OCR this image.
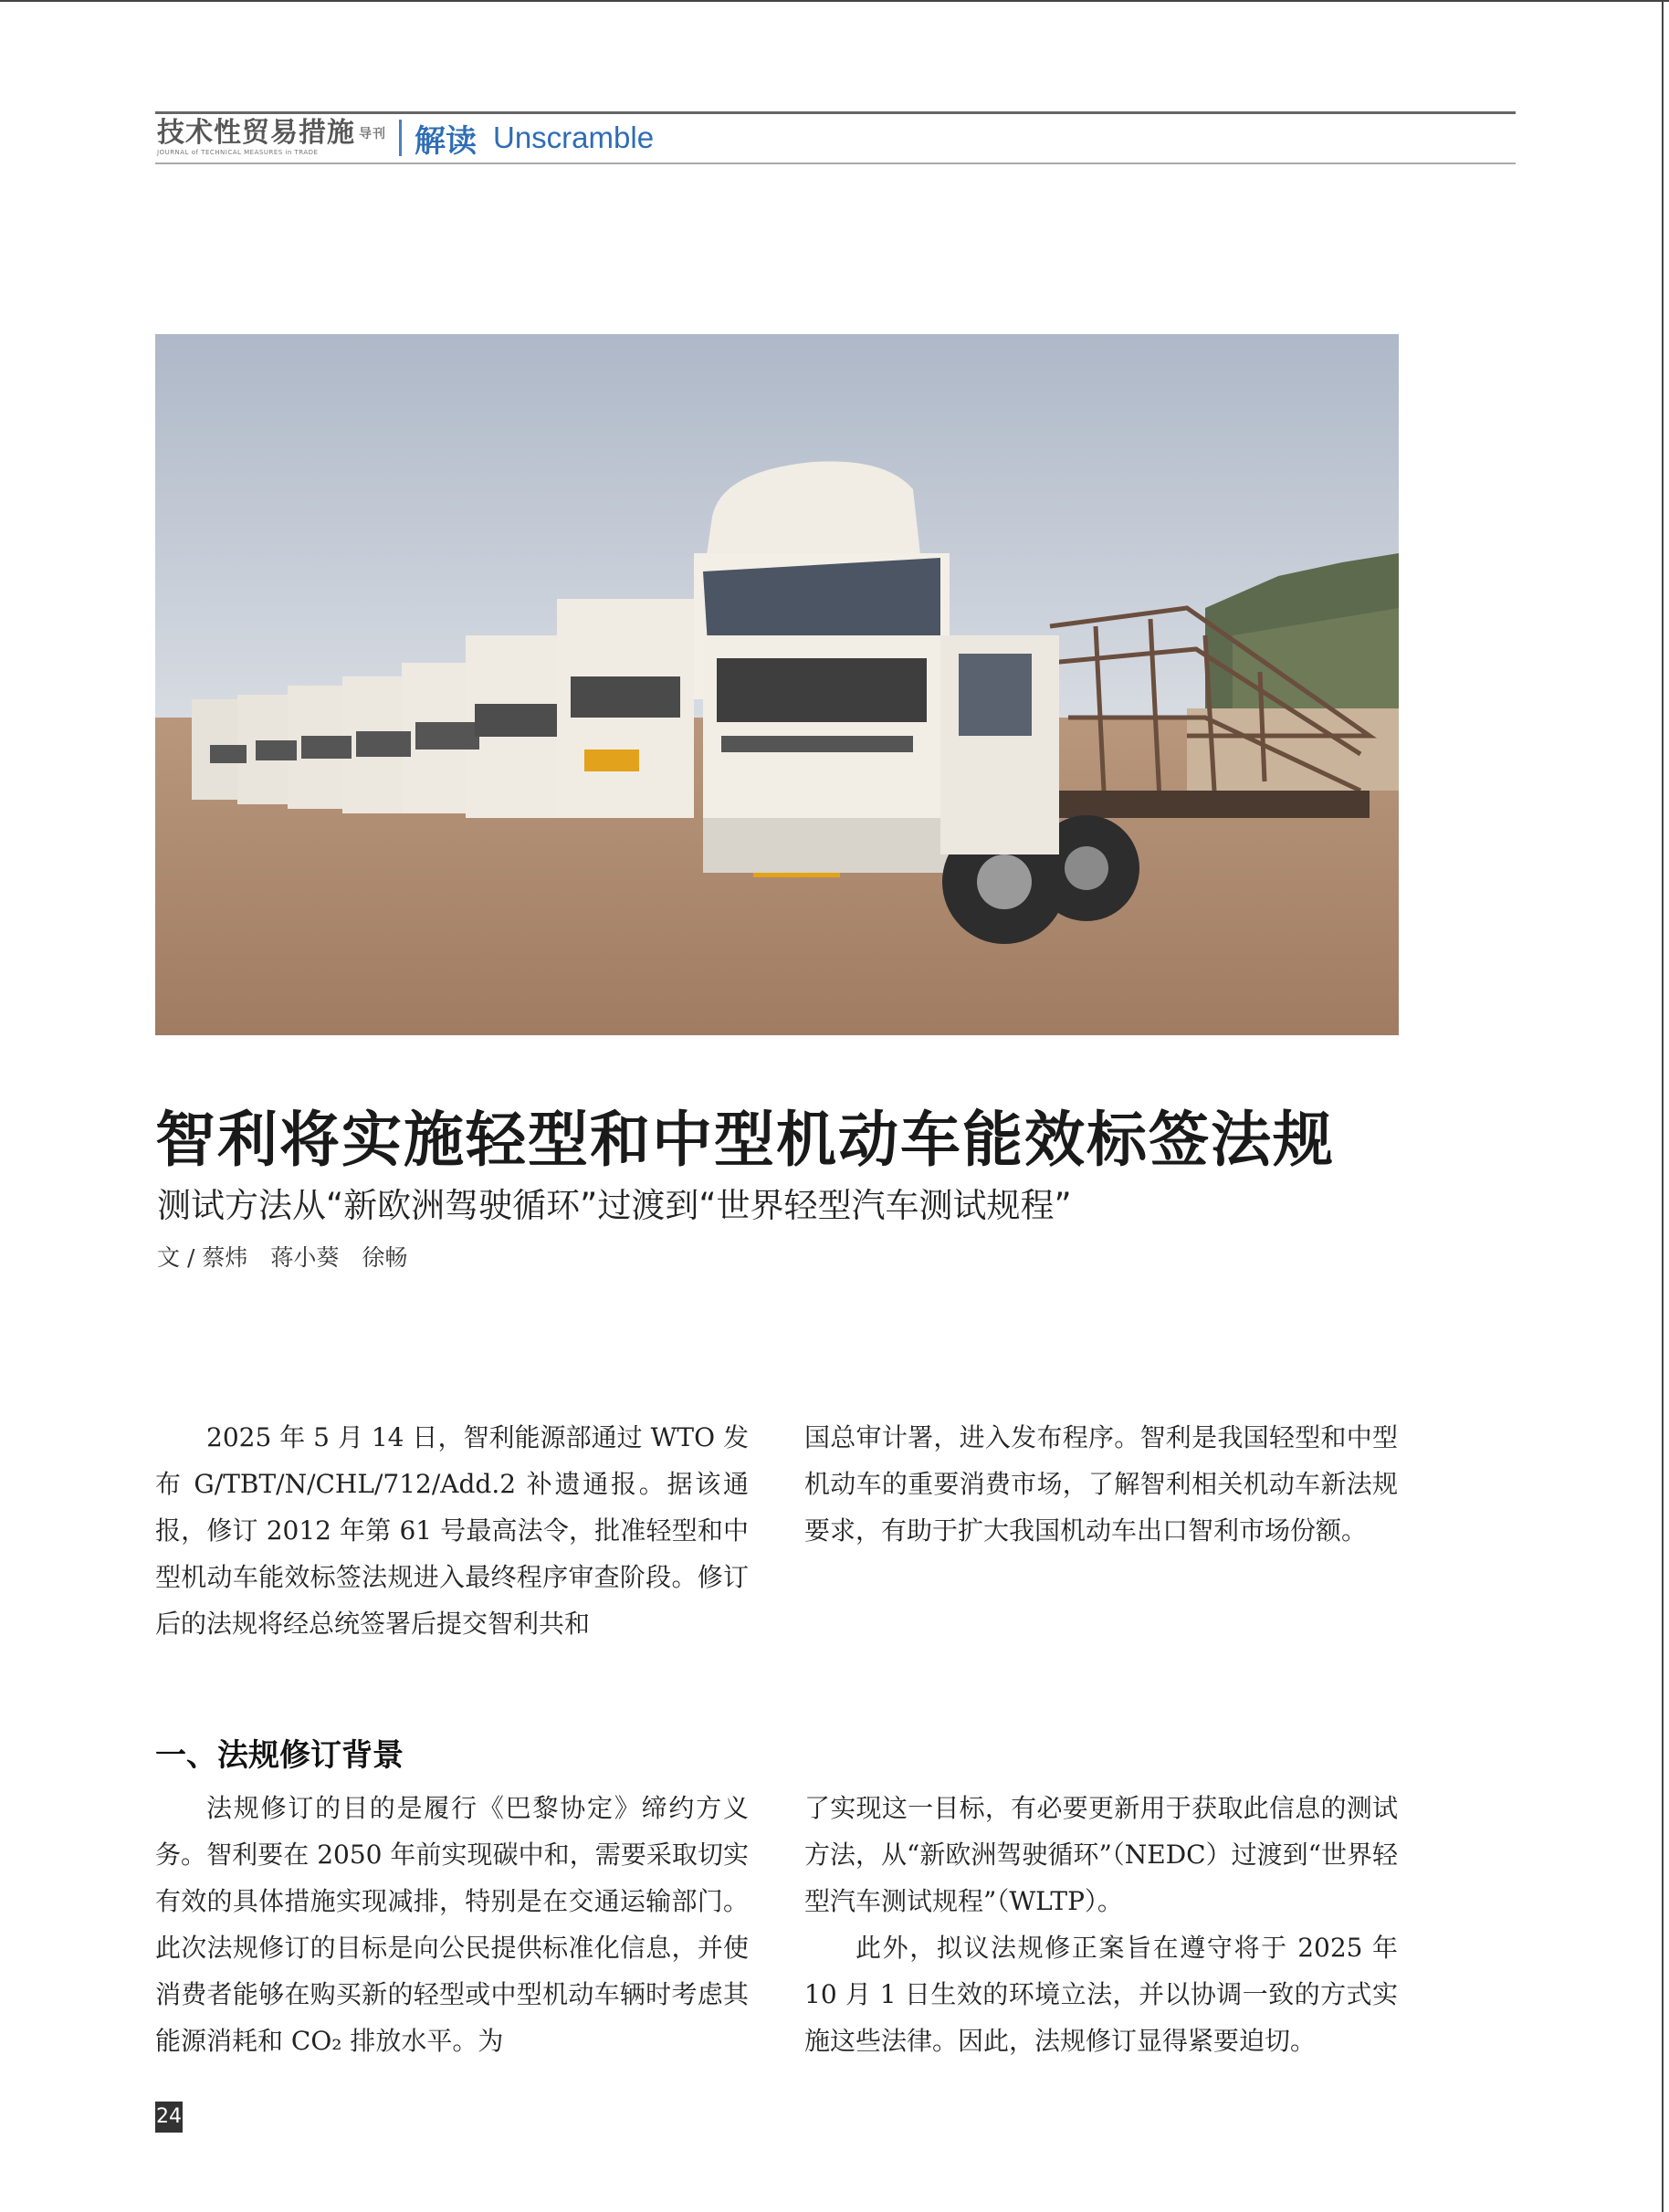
技术性贸易措施 导刊
JOURNAL of TECHNICAL MEASURES in TRADE	解读 Unscramble
智利将实施轻型和中型机动车能效标签法规
测试方法从“新欧洲驾驶循环”过渡到“世界轻型汽车测试规程”
文 / 蔡炜　蒋小葵　徐畅

2025 年 5 月 14 日，智利能源部通过 WTO 发布 G/TBT/N/CHL/712/Add.2 补遗通报。据该通报，修订 2012 年第 61 号最高法令，批准轻型和中型机动车能效标签法规进入最终程序审查阶段。修订后的法规将经总统签署后提交智利共和

国总审计署，进入发布程序。智利是我国轻型和中型机动车的重要消费市场，了解智利相关机动车新法规要求，有助于扩大我国机动车出口智利市场份额。

一、法规修订背景

法规修订的目的是履行《巴黎协定》缔约方义务。智利要在 2050 年前实现碳中和，需要采取切实有效的具体措施实现减排，特别是在交通运输部门。此次法规修订的目标是向公民提供标准化信息，并使消费者能够在购买新的轻型或中型机动车辆时考虑其能源消耗和 CO₂ 排放水平。为

了实现这一目标，有必要更新用于获取此信息的测试方法，从“新欧洲驾驶循环”（NEDC）过渡到“世界轻型汽车测试规程”（WLTP）。

此外，拟议法规修正案旨在遵守将于 2025 年 10 月 1 日生效的环境立法，并以协调一致的方式实施这些法律。因此，法规修订显得紧要迫切。

24
